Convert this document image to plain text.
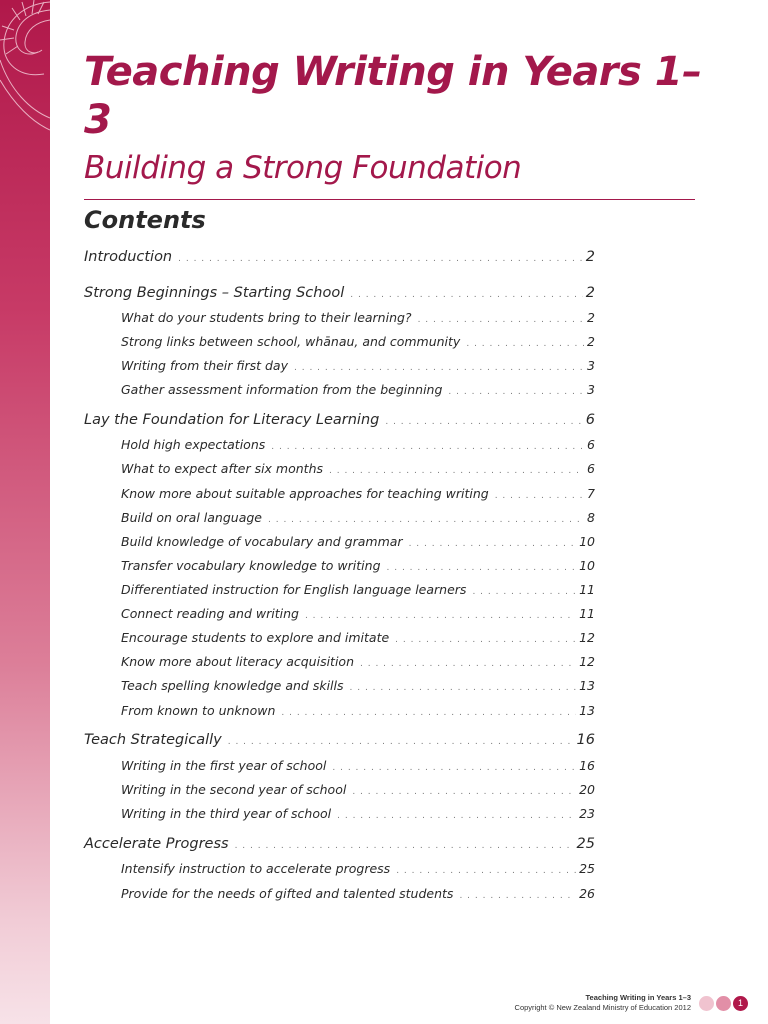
Teaching Writing in Years 1–3
Building a Strong Foundation
Contents
Introduction . . .	2
Strong Beginnings – Starting School . . .	2
What do your students bring to their learning? . . .	2
Strong links between school, whānau, and community . . .	2
Writing from their first day . . .	3
Gather assessment information from the beginning . . .	3
Lay the Foundation for Literacy Learning . . .	6
Hold high expectations . . .	6
What to expect after six months . . .	6
Know more about suitable approaches for teaching writing . . .	7
Build on oral language . . .	8
Build knowledge of vocabulary and grammar . . .	10
Transfer vocabulary knowledge to writing . . .	10
Differentiated instruction for English language learners . . .	11
Connect reading and writing . . .	11
Encourage students to explore and imitate . . .	12
Know more about literacy acquisition . . .	12
Teach spelling knowledge and skills . . .	13
From known to unknown . . .	13
Teach Strategically . . .	16
Writing in the first year of school . . .	16
Writing in the second year of school . . .	20
Writing in the third year of school . . .	23
Accelerate Progress . . .	25
Intensify instruction to accelerate progress . . .	25
Provide for the needs of gifted and talented students . . .	26
Teaching Writing in Years 1–3
Copyright © New Zealand Ministry of Education 2012	1
